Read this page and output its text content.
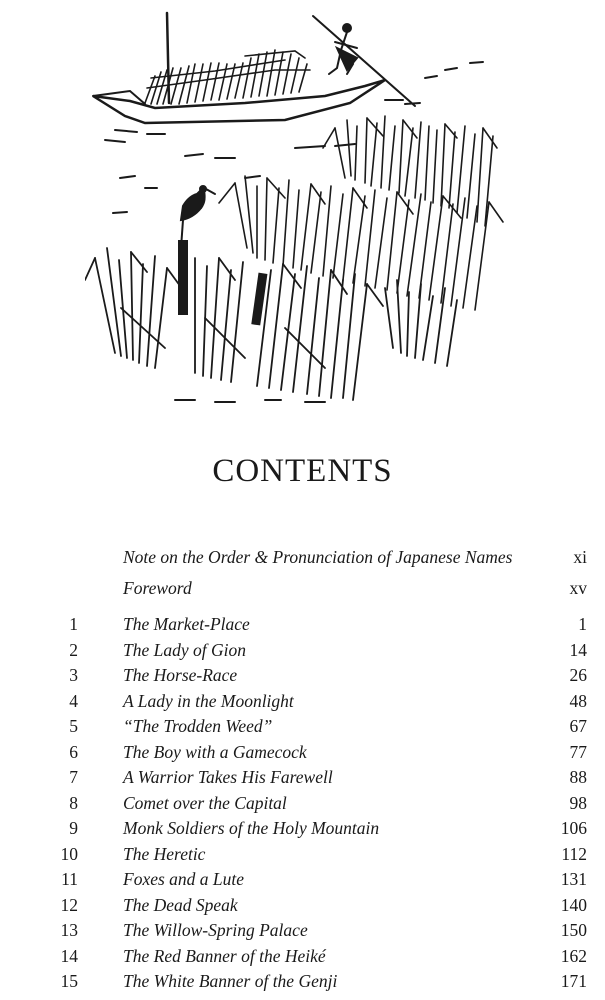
CONTENTS
Note on the Order & Pronunciation of Japanese Names	xi
Foreword	xv
1	The Market-Place	1
2	The Lady of Gion	14
3	The Horse-Race	26
4	A Lady in the Moonlight	48
5	“The Trodden Weed”	67
6	The Boy with a Gamecock	77
7	A Warrior Takes His Farewell	88
8	Comet over the Capital	98
9	Monk Soldiers of the Holy Mountain	106
10	The Heretic	112
11	Foxes and a Lute	131
12	The Dead Speak	140
13	The Willow-Spring Palace	150
14	The Red Banner of the Heiké	162
15	The White Banner of the Genji	171
